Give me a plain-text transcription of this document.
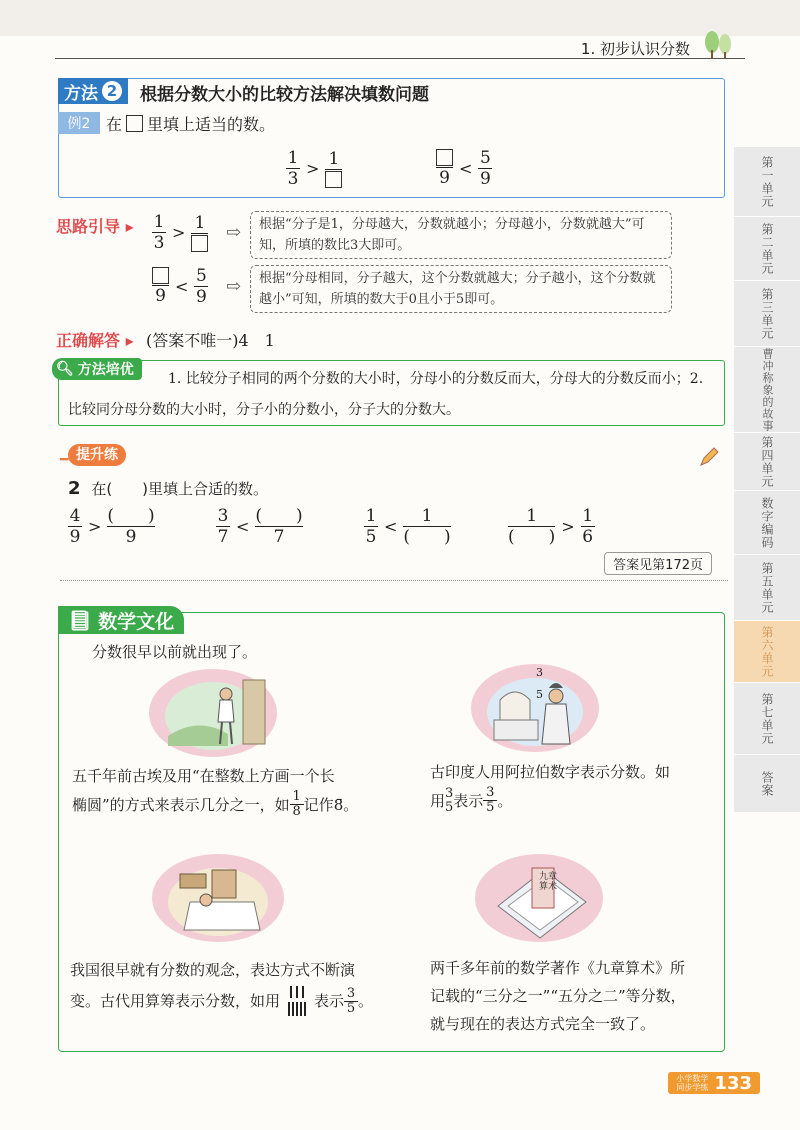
1. 初步认识分数
第一单元
第二单元
第三单元
曹冲称象的故事
第四单元
数字编码
第五单元
第六单元
第七单元
答案
方法 2 根据分数大小的比较方法解决填数问题
例2 在 里填上适当的数。
$\frac{1}{3} > 1$
$9 < \frac{5}{9}$
思路引导 ▸ $\frac{1}{3} > 1$ ⇨	根据“分子是1，分母越大，分数就越小；分母越小，分数就越大”可知，所填的数比3大即可。
$9 < \frac{5}{9}$ ⇨	根据“分母相同，分子越大，这个分数就越大；分子越小，这个分数就越小”可知，所填的数大于0且小于5即可。
正确解答 ▸ (答案不唯一)4　1
🔍︎ 方法培优
1. 比较分子相同的两个分数的大小时，分母小的分数反而大，分母大的分数反而小；2. 比较同分母分数的大小时，分子小的分数小，分子大的分数大。
━ 提升练
2 在(　　)里填上合适的数。
$\frac{4}{9} > \frac{( )}{9}$	$\frac{3}{7} < \frac{( )}{7}$	$\frac{1}{5} < \frac{1}{( )}$	$\frac{1}{( )} > \frac{1}{6}$
答案见第172页
📘︎ 数学文化
分数很早以前就出现了。
五千年前古埃及用“在整数上方画一个长
椭圆”的方式来表示几分之一，如 $\frac{1}{8}$ 记作 8̄ 。
3
5
古印度人用阿拉伯数字表示分数。如
用 3
5 表示 $\frac{3}{5}$ 。
我国很早就有分数的观念，表达方式不断演
变。古代用算筹表示分数，如用 表示 $\frac{3}{5}$ 。
九章算术
两千多年前的数学著作《九章算术》所
记载的“三分之一”“五分之二”等分数，
就与现在的表达方式完全一致了。
小学数学
同步学练 133
